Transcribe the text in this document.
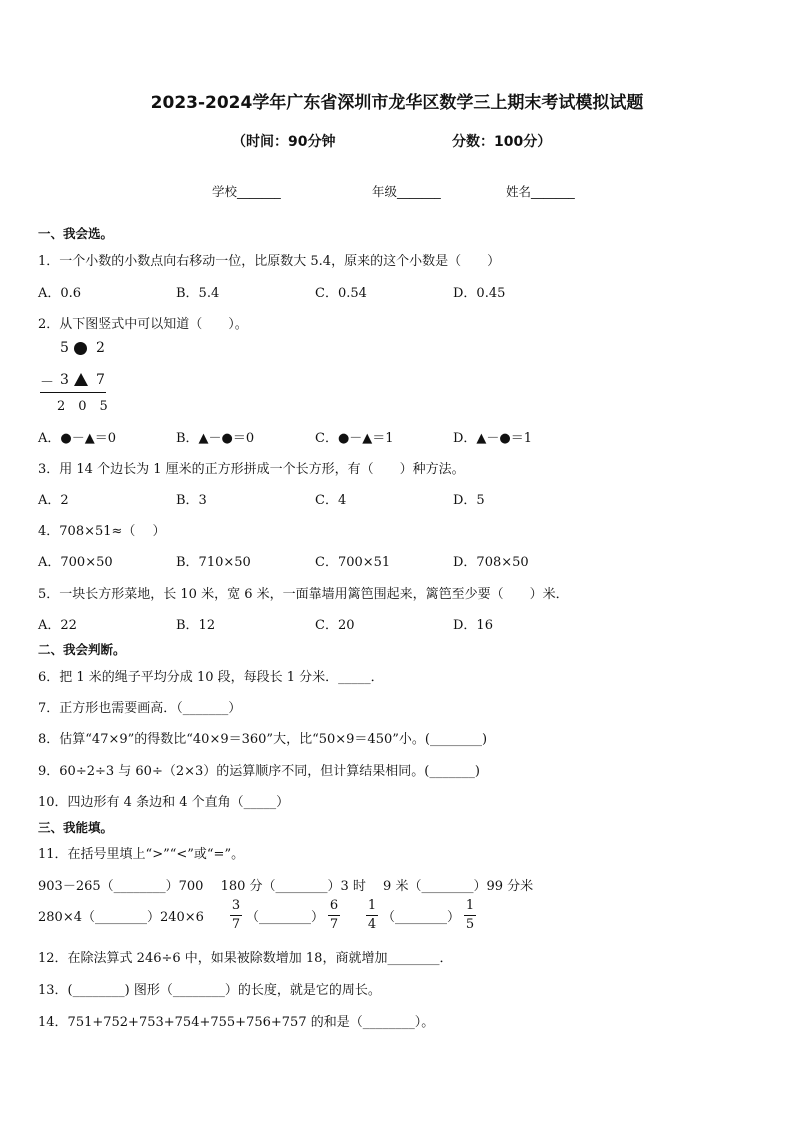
2023-2024学年广东省深圳市龙华区数学三上期末考试模拟试题
（时间：90分钟	分数：100分）
学校_______	年级_______	姓名_______
一、我会选。
1．一个小数的小数点向右移动一位，比原数大 5.4，原来的这个小数是（　　）
A．0.6	B．5.4	C．0.54	D．0.45
2．从下图竖式中可以知道（　　）。
5 2
－ 3 7
2　0　5
A．●－▲＝0	B．▲－●＝0	C．●－▲＝1	D．▲－●＝1
3．用 14 个边长为 1 厘米的正方形拼成一个长方形，有（　　）种方法。
A．2	B．3	C．4	D．5
4．708×51≈（　 ）
A．700×50	B．710×50	C．700×51	D．708×50
5．一块长方形菜地，长 10 米，宽 6 米，一面靠墙用篱笆围起来，篱笆至少要（　　）米．
A．22	B．12	C．20	D．16
二、我会判断。
6．把 1 米的绳子平均分成 10 段，每段长 1 分米．_____．
7．正方形也需要画高．（_______）
8．估算“47×9”的得数比“40×9＝360”大，比“50×9＝450”小。(________)
9．60÷2÷3 与 60÷（2×3）的运算顺序不同，但计算结果相同。(_______)
10．四边形有 4 条边和 4 个直角（_____）
三、我能填。
11．在括号里填上“>”“<”或“=”。
903－265（________）700　 180 分（________）3 时　 9 米（________）99 分米
280×4（________）240×6 $\frac{3}{7}$ （________） $\frac{6}{7} \frac{1}{4}$ （________） $\frac{1}{5}$
12．在除法算式 246÷6 中，如果被除数增加 18，商就增加________．
13．(________) 图形（________）的长度，就是它的周长。
14．751+752+753+754+755+756+757 的和是（________）。
